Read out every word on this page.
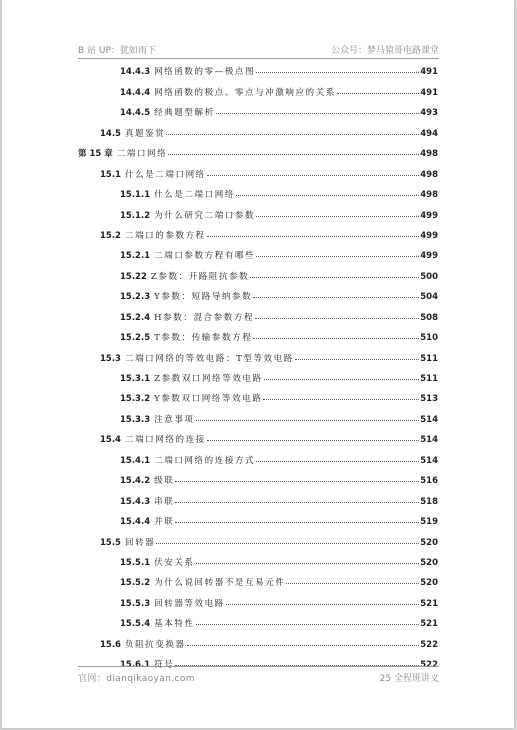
B 站 UP：犹如雨下	公众号：梦马猿哥电路课堂
14.4.3 网络函数的零—极点图	491
14.4.4 网络函数的极点、零点与冲激响应的关系	491
14.4.5 经典题型解析	493
14.5 真题鉴赏	494
第 15 章 二端口网络	498
15.1 什么是二端口网络	498
15.1.1 什么是二端口网络	498
15.1.2 为什么研究二端口参数	499
15.2 二端口的参数方程	499
15.2.1 二端口参数方程有哪些	499
15.22 Z参数：开路阻抗参数	500
15.2.3 Y参数：短路导纳参数	504
15.2.4 H参数：混合参数方程	508
15.2.5 T参数：传输参数方程	510
15.3 二端口网络的等效电路：T型等效电路	511
15.3.1 Z参数双口网络等效电路	511
15.3.2 Y参数双口网络等效电路	513
15.3.3 注意事项	514
15.4 二端口网络的连接	514
15.4.1 二端口网络的连接方式	514
15.4.2 级联	516
15.4.3 串联	518
15.4.4 并联	519
15.5 回转器	520
15.5.1 伏安关系	520
15.5.2 为什么说回转器不是互易元件	520
15.5.3 回转器等效电路	521
15.5.4 基本特性	521
15.6 负阻抗变换器	522
15.6.1 符号	522
官网：dianqikaoyan.com	25 全程班讲义
